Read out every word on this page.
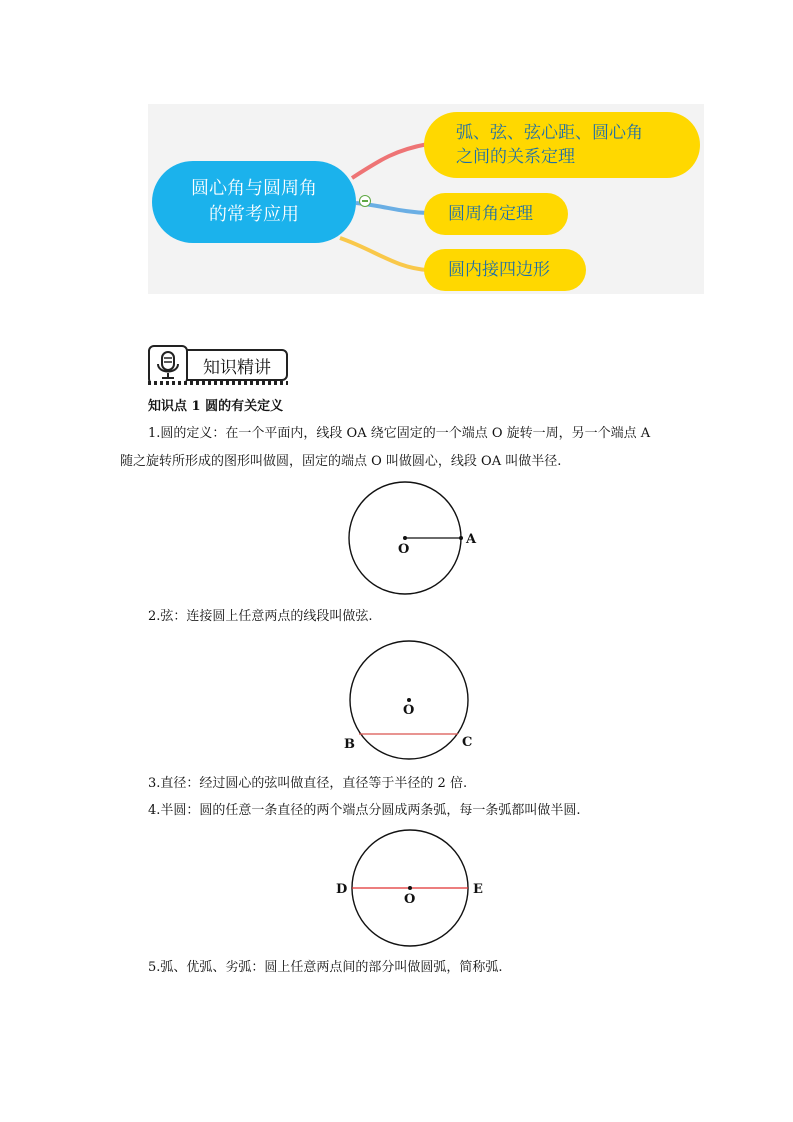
圆心角与圆周角
的常考应用
弧、弦、弦心距、圆心角
之间的关系定理
圆周角定理
圆内接四边形
知识精讲
知识点 1 圆的有关定义
1.圆的定义：在一个平面内，线段 OA 绕它固定的一个端点 O 旋转一周，另一个端点 A
随之旋转所形成的图形叫做圆，固定的端点 O 叫做圆心，线段 OA 叫做半径.
O
A
2.弦：连接圆上任意两点的线段叫做弦.
O
B	C
3.直径：经过圆心的弦叫做直径，直径等于半径的 2 倍.
4.半圆：圆的任意一条直径的两个端点分圆成两条弧，每一条弧都叫做半圆.
O
D	E
5.弧、优弧、劣弧：圆上任意两点间的部分叫做圆弧，简称弧.
